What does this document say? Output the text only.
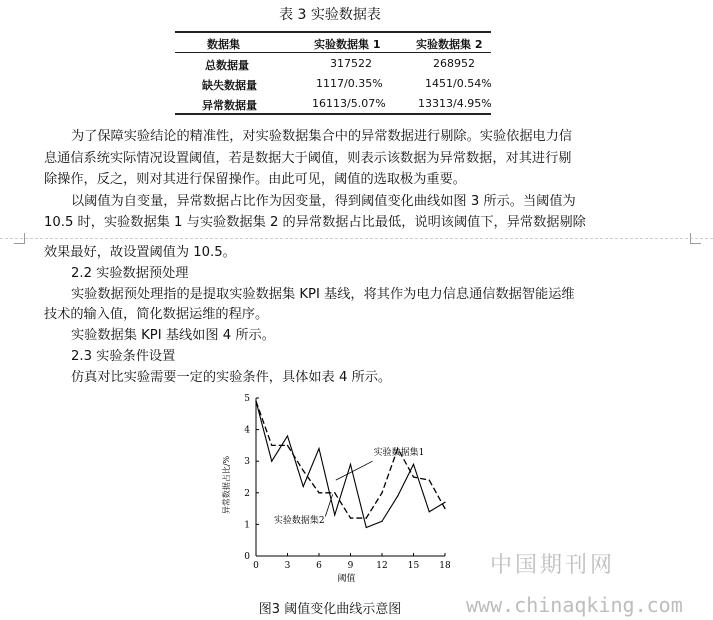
表 3 实验数据表
数据集	实验数据集 1	实验数据集 2
总数据量	317522	268952
缺失数据量	1117/0.35%	1451/0.54%
异常数据量	16113/5.07%	13313/4.95%
为了保障实验结论的精准性，对实验数据集合中的异常数据进行剔除。实验依据电力信
息通信系统实际情况设置阈值，若是数据大于阈值，则表示该数据为异常数据，对其进行剔
除操作，反之，则对其进行保留操作。由此可见，阈值的选取极为重要。
以阈值为自变量，异常数据占比作为因变量，得到阈值变化曲线如图 3 所示。当阈值为
10.5 时，实验数据集 1 与实验数据集 2 的异常数据占比最低，说明该阈值下，异常数据剔除
效果最好，故设置阈值为 10.5。
2.2 实验数据预处理
实验数据预处理指的是提取实验数据集 KPI 基线，将其作为电力信息通信数据智能运维
技术的输入值，简化数据运维的程序。
实验数据集 KPI 基线如图 4 所示。
2.3 实验条件设置
仿真对比实验需要一定的实验条件，具体如表 4 所示。
0	3	6	9	12 15 18
0
1
2
3
4
5
阈值
异常数据占比/%
实验数据集1
实验数据集2
图3 阈值变化曲线示意图
中国期刊网
www.chinaqking.com
